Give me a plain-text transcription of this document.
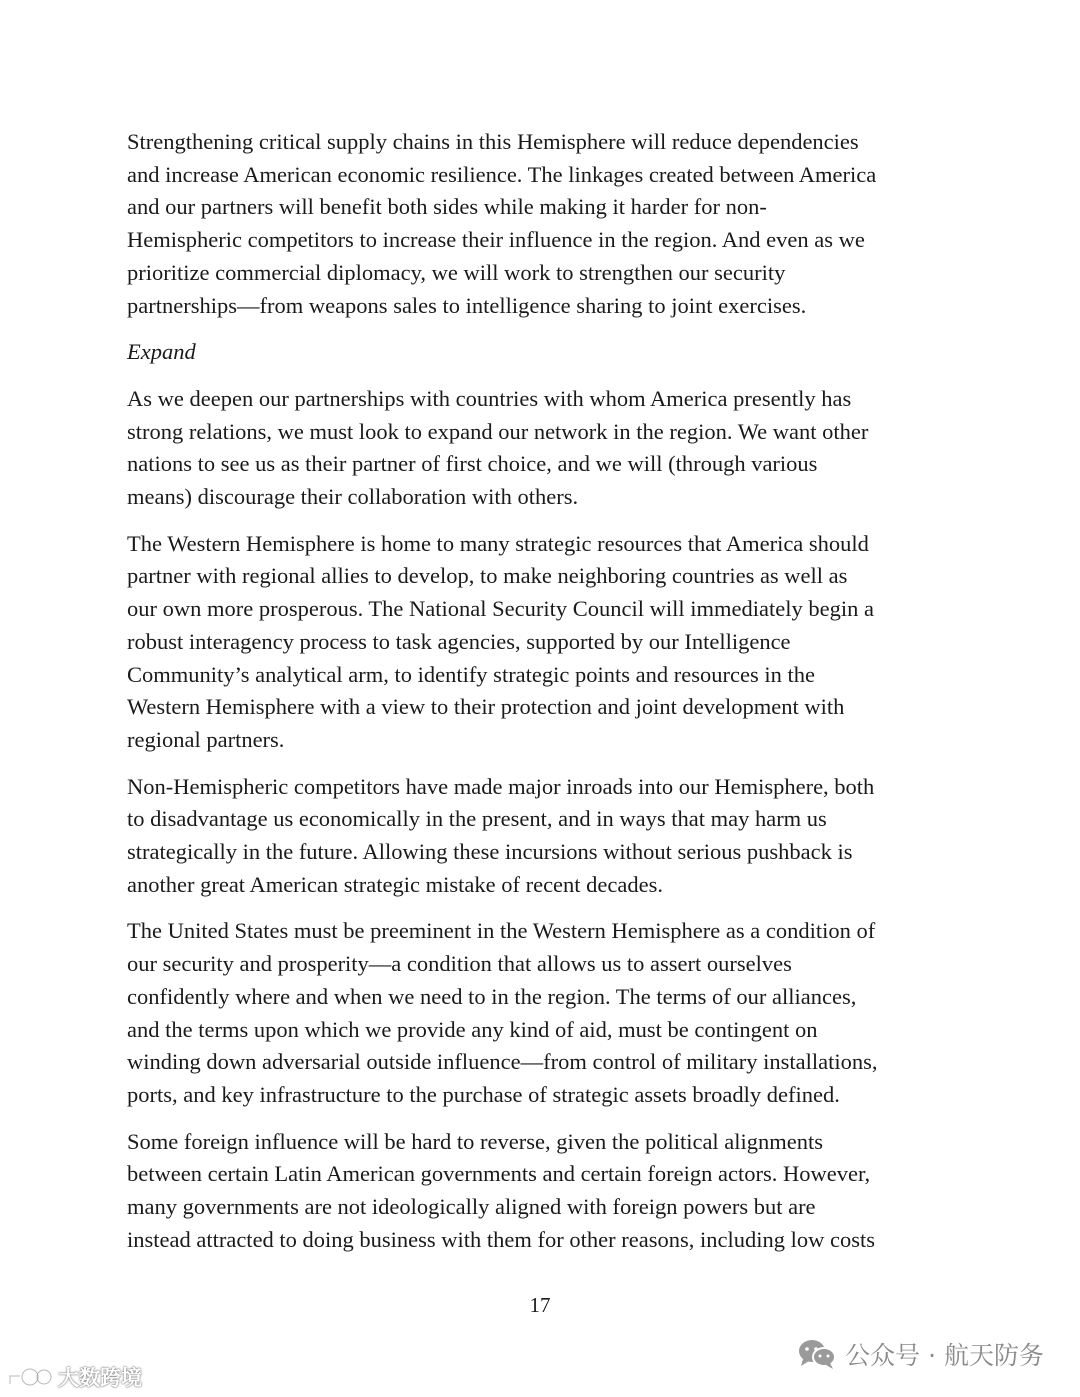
Strengthening critical supply chains in this Hemisphere will reduce dependencies
and increase American economic resilience. The linkages created between America
and our partners will benefit both sides while making it harder for non-
Hemispheric competitors to increase their influence in the region. And even as we
prioritize commercial diplomacy, we will work to strengthen our security
partnerships—from weapons sales to intelligence sharing to joint exercises.

Expand

As we deepen our partnerships with countries with whom America presently has
strong relations, we must look to expand our network in the region. We want other
nations to see us as their partner of first choice, and we will (through various
means) discourage their collaboration with others.

The Western Hemisphere is home to many strategic resources that America should
partner with regional allies to develop, to make neighboring countries as well as
our own more prosperous. The National Security Council will immediately begin a
robust interagency process to task agencies, supported by our Intelligence
Community’s analytical arm, to identify strategic points and resources in the
Western Hemisphere with a view to their protection and joint development with
regional partners.

Non-Hemispheric competitors have made major inroads into our Hemisphere, both
to disadvantage us economically in the present, and in ways that may harm us
strategically in the future. Allowing these incursions without serious pushback is
another great American strategic mistake of recent decades.

The United States must be preeminent in the Western Hemisphere as a condition of
our security and prosperity—a condition that allows us to assert ourselves
confidently where and when we need to in the region. The terms of our alliances,
and the terms upon which we provide any kind of aid, must be contingent on
winding down adversarial outside influence—from control of military installations,
ports, and key infrastructure to the purchase of strategic assets broadly defined.

Some foreign influence will be hard to reverse, given the political alignments
between certain Latin American governments and certain foreign actors. However,
many governments are not ideologically aligned with foreign powers but are
instead attracted to doing business with them for other reasons, including low costs

17
大数跨境
公众号 · 航天防务
